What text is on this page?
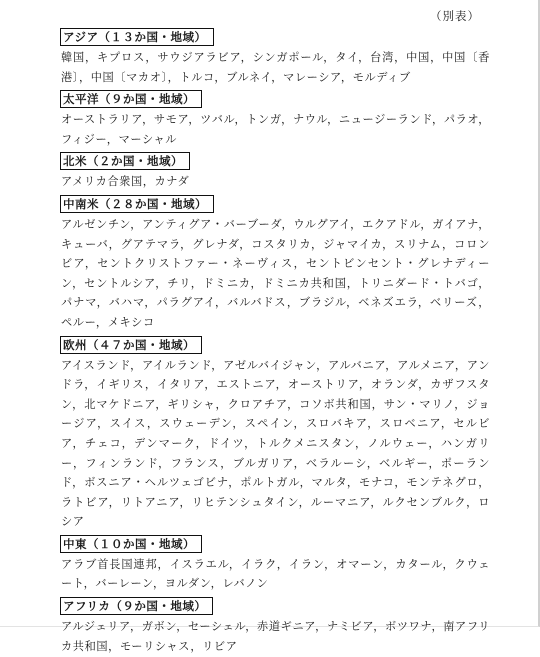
（別表）
アジア（１３か国・地域）
韓国，キプロス，サウジアラビア，シンガポール，タイ，台湾，中国，中国〔香港〕，中国〔マカオ〕，トルコ，ブルネイ，マレーシア，モルディブ
太平洋（９か国・地域）
オーストラリア，サモア，ツバル，トンガ，ナウル，ニュージーランド，パラオ，フィジー，マーシャル
北米（２か国・地域）
アメリカ合衆国，カナダ
中南米（２８か国・地域）
アルゼンチン，アンティグア・バーブーダ，ウルグアイ，エクアドル，ガイアナ，キューバ，グアテマラ，グレナダ，コスタリカ，ジャマイカ，スリナム，コロンビア，セントクリストファー・ネーヴィス，セントビンセント・グレナディーン，セントルシア，チリ，ドミニカ，ドミニカ共和国，トリニダード・トバゴ，パナマ，バハマ，パラグアイ，バルバドス，ブラジル，ベネズエラ，ベリーズ，ペルー，メキシコ
欧州（４７か国・地域）
アイスランド，アイルランド，アゼルバイジャン，アルバニア，アルメニア，アンドラ，イギリス，イタリア，エストニア，オーストリア，オランダ，カザフスタン，北マケドニア，ギリシャ，クロアチア，コソボ共和国，サン・マリノ，ジョージア，スイス，スウェーデン，スペイン，スロバキア，スロベニア，セルビア，チェコ，デンマーク，ドイツ，トルクメニスタン，ノルウェー，ハンガリー，フィンランド，フランス，ブルガリア，ベラルーシ，ベルギー，ポーランド，ボスニア・ヘルツェゴビナ，ポルトガル，マルタ，モナコ，モンテネグロ，ラトビア，リトアニア，リヒテンシュタイン，ルーマニア，ルクセンブルク，ロシア
中東（１０か国・地域）
アラブ首長国連邦，イスラエル，イラク，イラン，オマーン，カタール，クウェート，バーレーン，ヨルダン，レバノン
アフリカ（９か国・地域）
アルジェリア，ガボン，セーシェル，赤道ギニア，ナミビア，ボツワナ，南アフリカ共和国，モーリシャス，リビア
